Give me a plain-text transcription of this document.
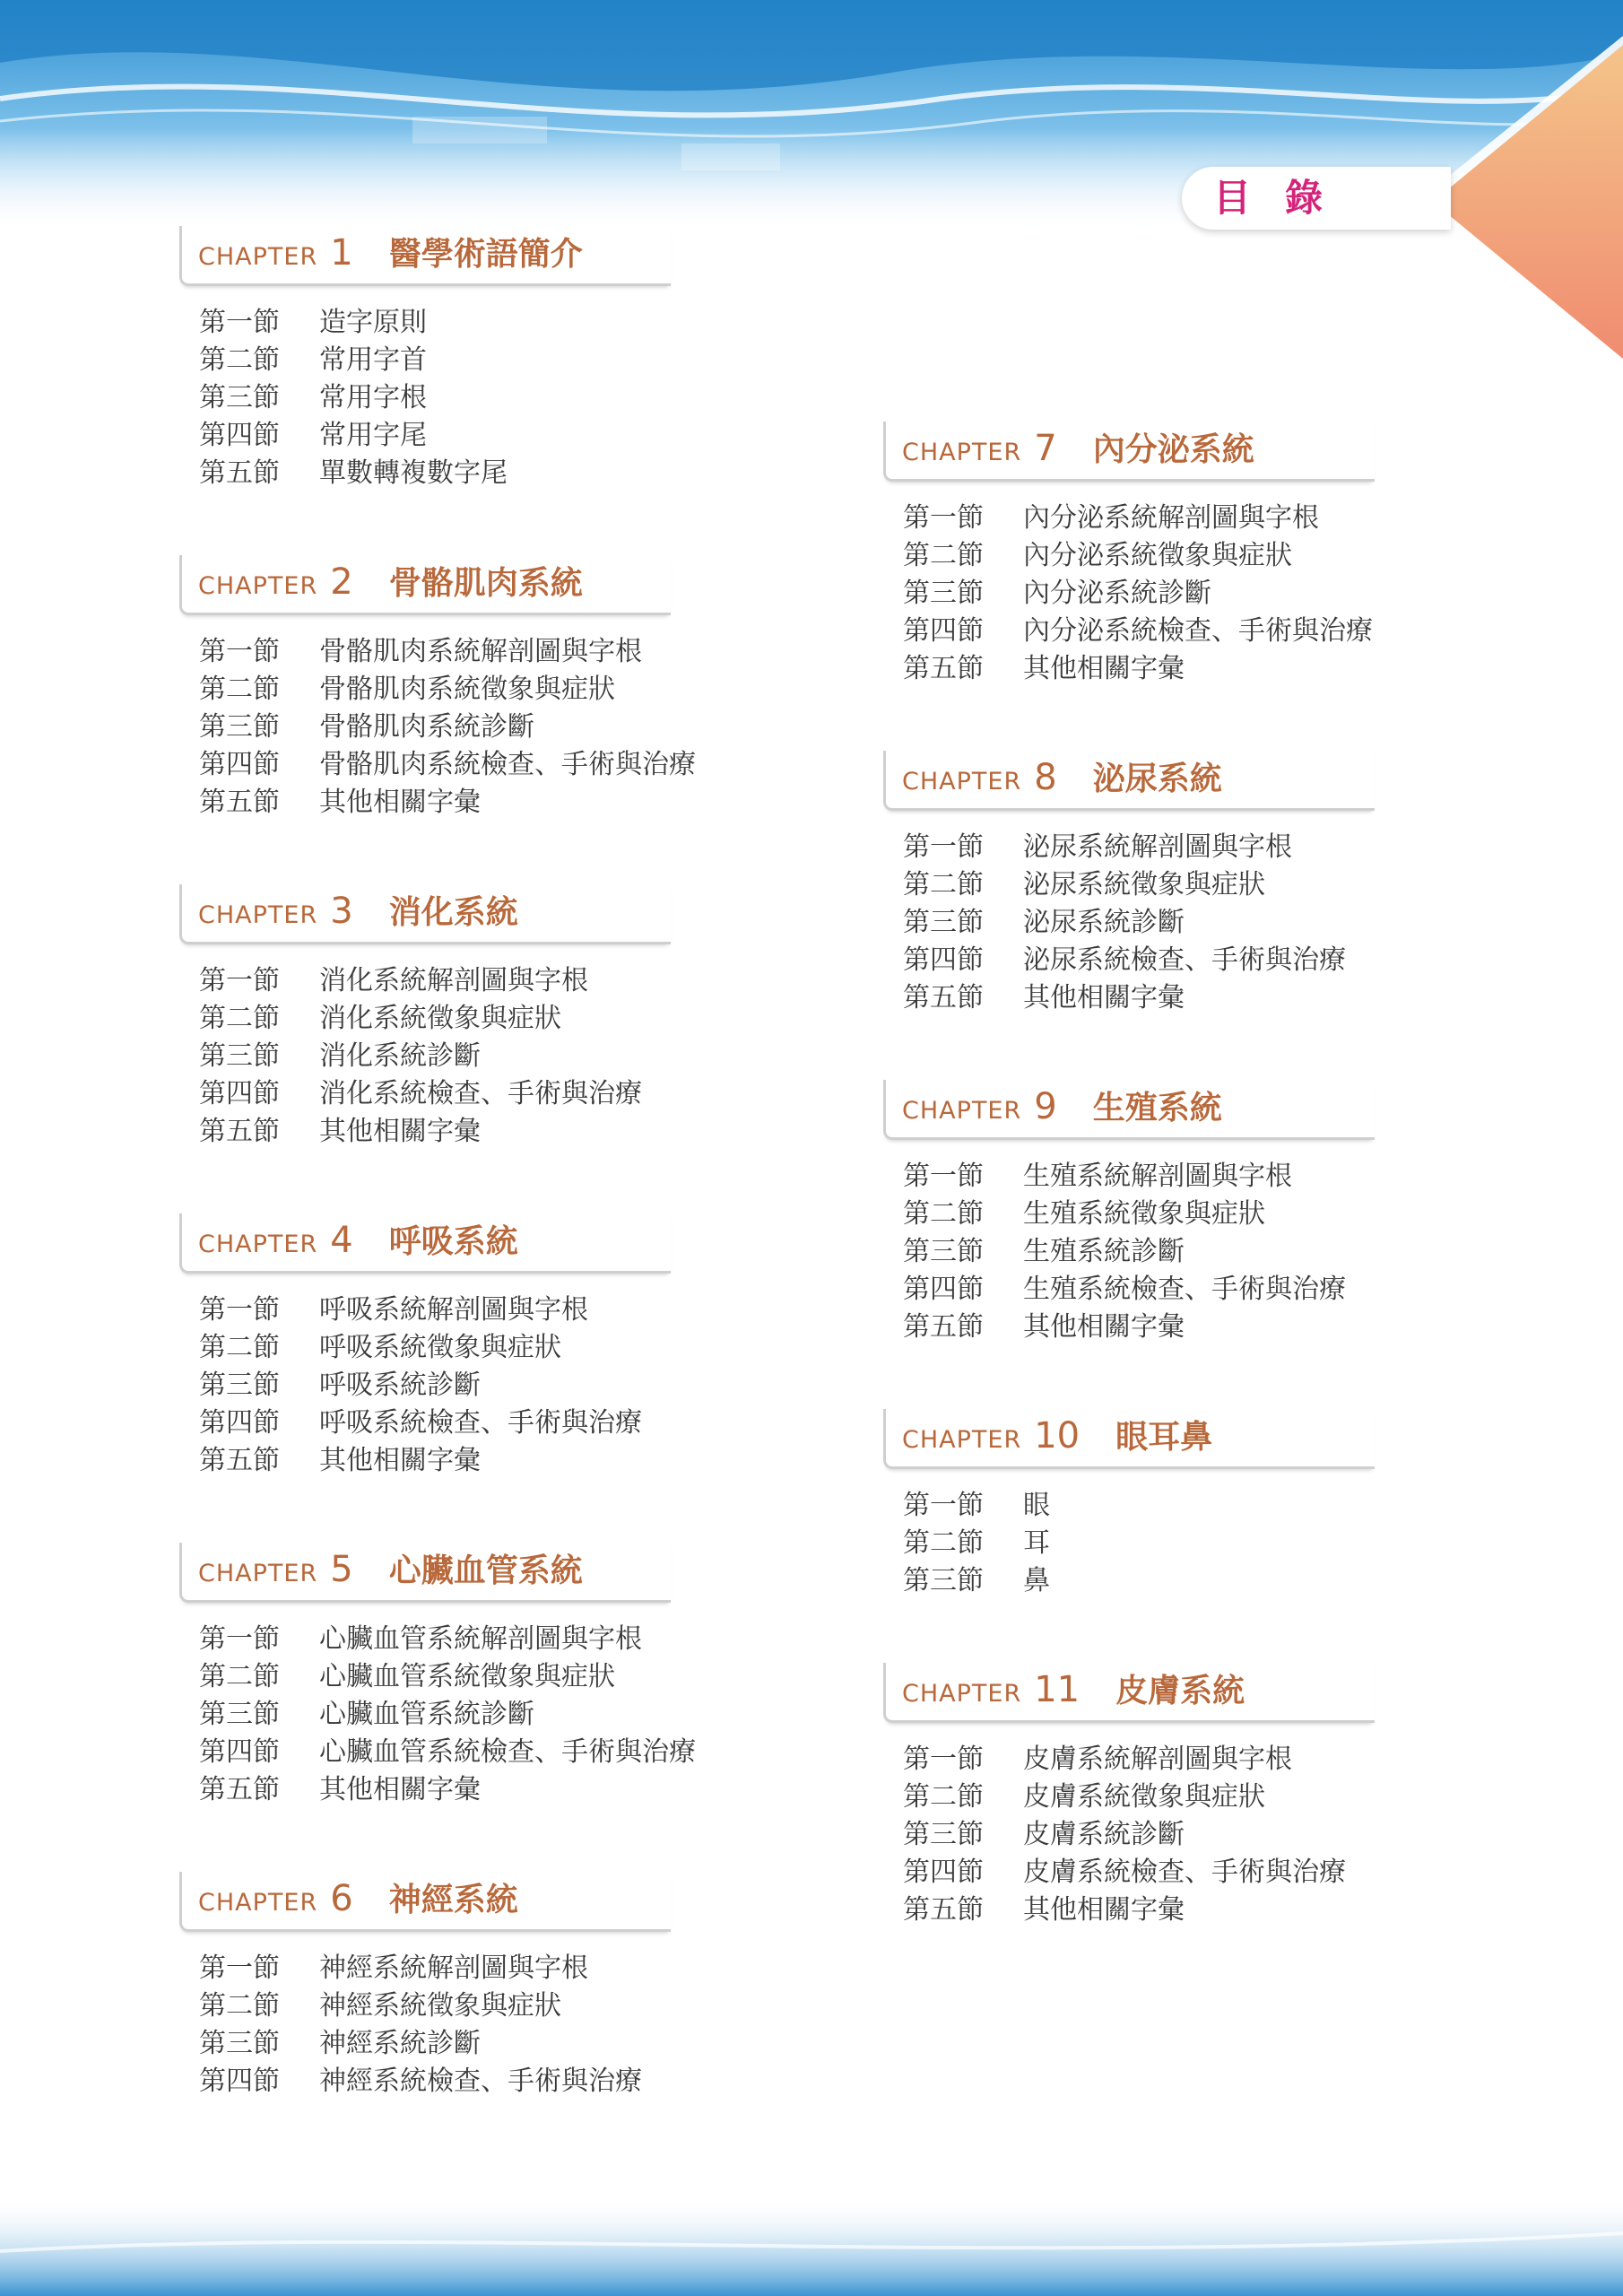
目錄
CHAPTER 1 醫學術語簡介
第一節 造字原則
第二節 常用字首
第三節 常用字根
第四節 常用字尾
第五節 單數轉複數字尾
CHAPTER 2 骨骼肌肉系統
第一節 骨骼肌肉系統解剖圖與字根
第二節 骨骼肌肉系統徵象與症狀
第三節 骨骼肌肉系統診斷
第四節 骨骼肌肉系統檢查、手術與治療
第五節 其他相關字彙
CHAPTER 3 消化系統
第一節 消化系統解剖圖與字根
第二節 消化系統徵象與症狀
第三節 消化系統診斷
第四節 消化系統檢查、手術與治療
第五節 其他相關字彙
CHAPTER 4 呼吸系統
第一節 呼吸系統解剖圖與字根
第二節 呼吸系統徵象與症狀
第三節 呼吸系統診斷
第四節 呼吸系統檢查、手術與治療
第五節 其他相關字彙
CHAPTER 5 心臟血管系統
第一節 心臟血管系統解剖圖與字根
第二節 心臟血管系統徵象與症狀
第三節 心臟血管系統診斷
第四節 心臟血管系統檢查、手術與治療
第五節 其他相關字彙
CHAPTER 6 神經系統
第一節 神經系統解剖圖與字根
第二節 神經系統徵象與症狀
第三節 神經系統診斷
第四節 神經系統檢查、手術與治療
CHAPTER 7 內分泌系統
第一節 內分泌系統解剖圖與字根
第二節 內分泌系統徵象與症狀
第三節 內分泌系統診斷
第四節 內分泌系統檢查、手術與治療
第五節 其他相關字彙
CHAPTER 8 泌尿系統
第一節 泌尿系統解剖圖與字根
第二節 泌尿系統徵象與症狀
第三節 泌尿系統診斷
第四節 泌尿系統檢查、手術與治療
第五節 其他相關字彙
CHAPTER 9 生殖系統
第一節 生殖系統解剖圖與字根
第二節 生殖系統徵象與症狀
第三節 生殖系統診斷
第四節 生殖系統檢查、手術與治療
第五節 其他相關字彙
CHAPTER 10 眼耳鼻
第一節 眼
第二節 耳
第三節 鼻
CHAPTER 11 皮膚系統
第一節 皮膚系統解剖圖與字根
第二節 皮膚系統徵象與症狀
第三節 皮膚系統診斷
第四節 皮膚系統檢查、手術與治療
第五節 其他相關字彙
